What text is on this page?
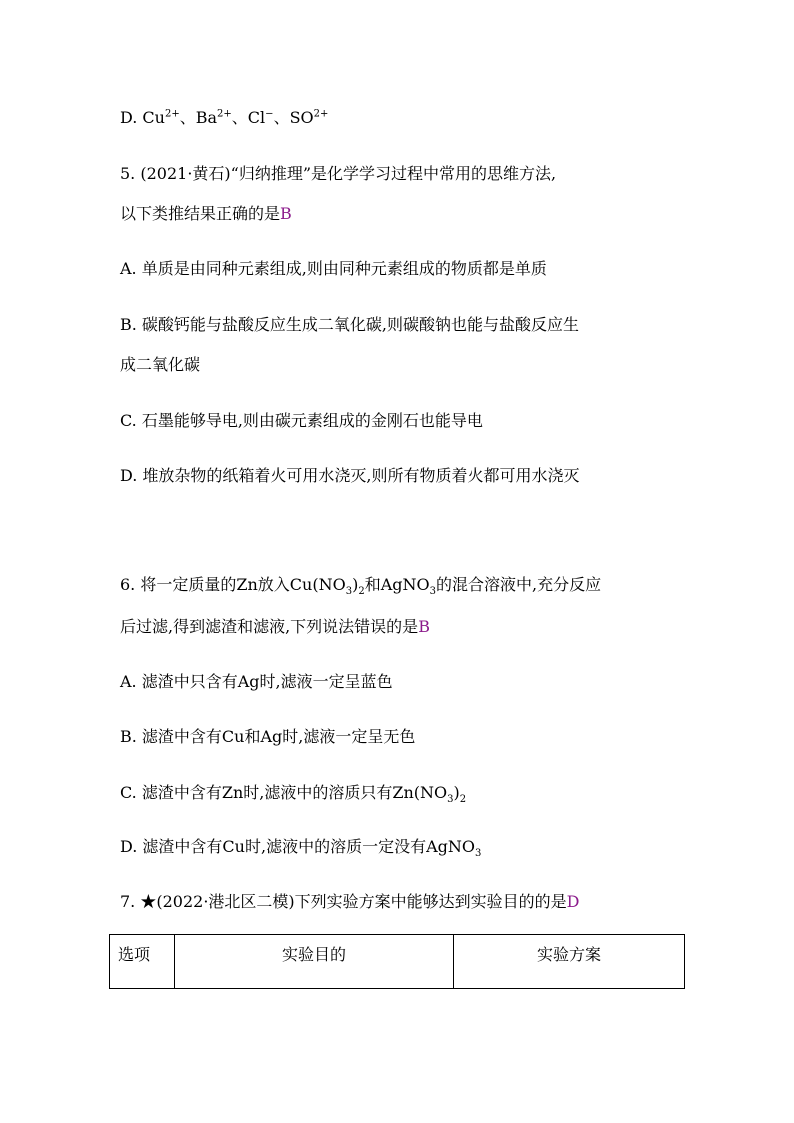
D. $Cu^{2+}$、$Ba^{2+}$、Cl−、$SO^{2+}$
5. (2021·黄石)“归纳推理”是化学学习过程中常用的思维方法,
以下类推结果正确的是B
A. 单质是由同种元素组成,则由同种元素组成的物质都是单质
B. 碳酸钙能与盐酸反应生成二氧化碳,则碳酸钠也能与盐酸反应生
成二氧化碳
C. 石墨能够导电,则由碳元素组成的金刚石也能导电
D. 堆放杂物的纸箱着火可用水浇灭,则所有物质着火都可用水浇灭
6. 将一定质量的Zn放入$Cu(NO_3)_2$和AgNO$_3$的混合溶液中,充分反应
后过滤,得到滤渣和滤液,下列说法错误的是B
A. 滤渣中只含有Ag时,滤液一定呈蓝色
B. 滤渣中含有Cu和Ag时,滤液一定呈无色
C. 滤渣中含有Zn时,滤液中的溶质只有$Zn(NO_3)_2$
D. 滤渣中含有Cu时,滤液中的溶质一定没有AgNO$_3$
7. ★(2022·港北区二模)下列实验方案中能够达到实验目的的是D
选项	实验目的	实验方案
